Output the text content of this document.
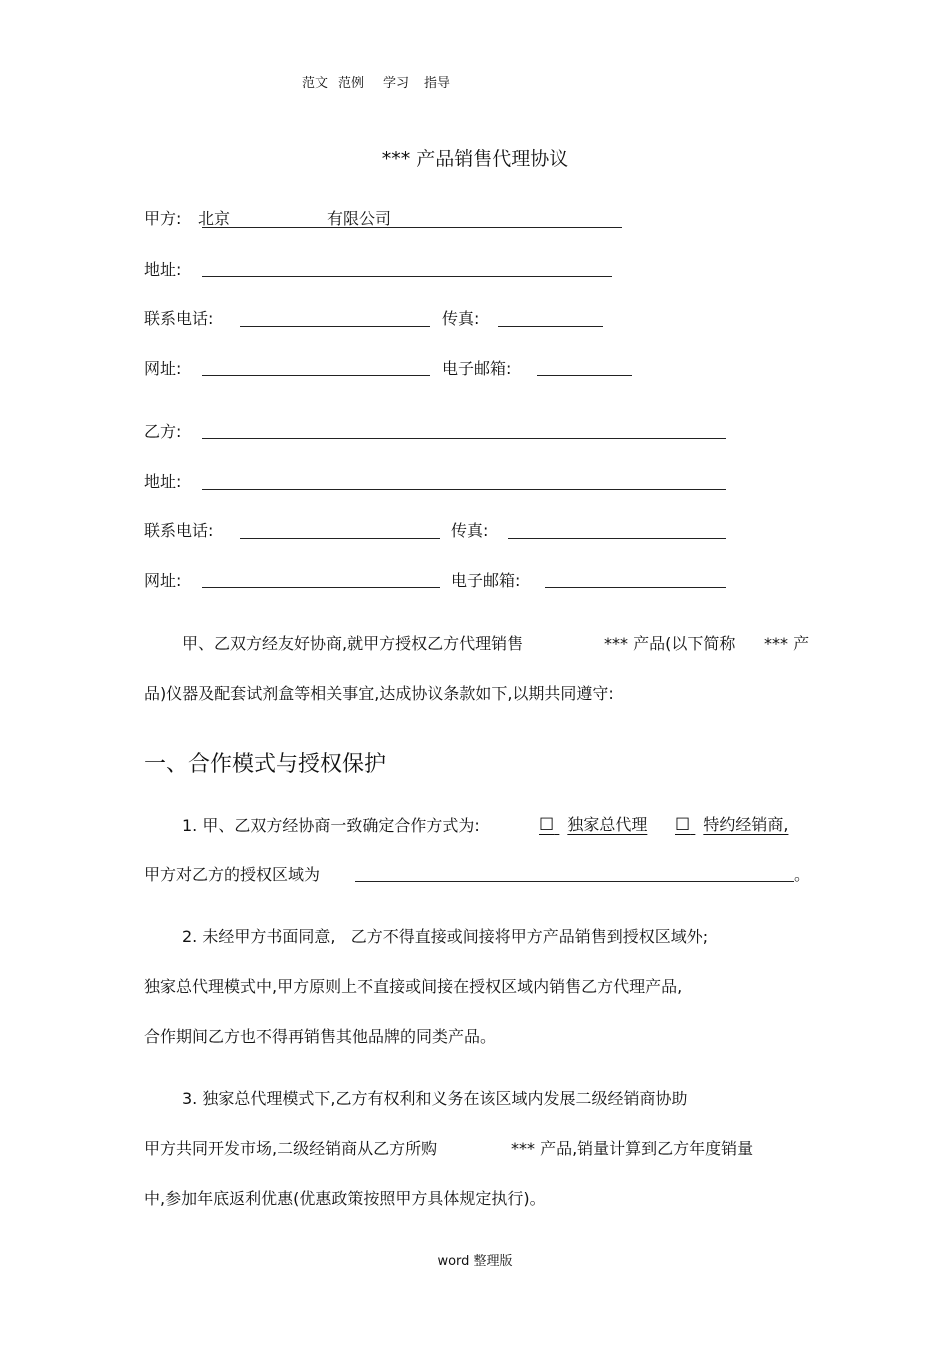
范文 范例 学习 指导
*** 产品销售代理协议
甲方: 北京	有限公司
地址:
联系电话:	传真:
网址:	电子邮箱:
乙方:
地址:
联系电话:	传真:
网址:	电子邮箱:
甲、乙双方经友好协商,就甲方授权乙方代理销售	*** 产品(以下简称 *** 产
品)仪器及配套试剂盒等相关事宜,达成协议条款如下,以期共同遵守:
一、合作模式与授权保护
1. 甲、乙双方经协商一致确定合作方式为:	☐ 独家总代理 ☐ 特约经销商,
甲方对乙方的授权区域为	。
2. 未经甲方书面同意,   乙方不得直接或间接将甲方产品销售到授权区域外;
独家总代理模式中,甲方原则上不直接或间接在授权区域内销售乙方代理产品,
合作期间乙方也不得再销售其他品牌的同类产品。
3. 独家总代理模式下,乙方有权利和义务在该区域内发展二级经销商协助
甲方共同开发市场,二级经销商从乙方所购	*** 产品,销量计算到乙方年度销量
中,参加年底返利优惠(优惠政策按照甲方具体规定执行)。
word 整理版
